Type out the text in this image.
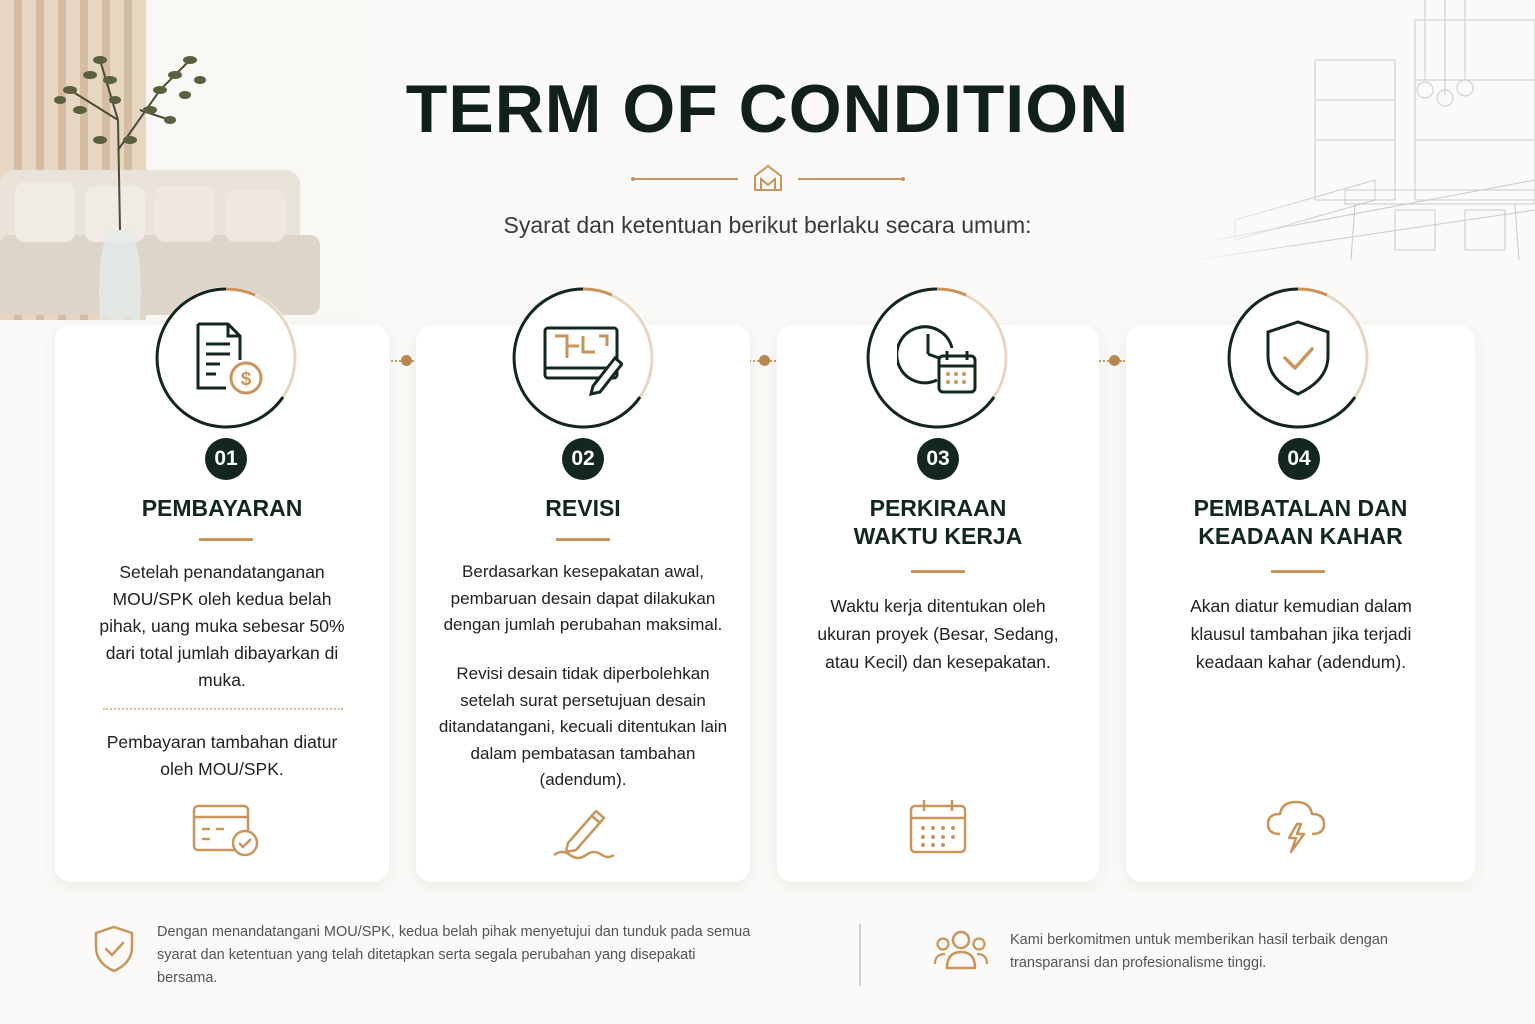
TERM OF CONDITION

Syarat dan ketentuan berikut berlaku secara umum:

$
01	02	03	04
PEMBAYARAN

Setelah penandatanganan MOU/SPK oleh kedua belah pihak, uang muka sebesar 50% dari total jumlah dibayarkan di muka.

Pembayaran tambahan diatur oleh MOU/SPK.

REVISI

Berdasarkan kesepakatan awal, pembaruan desain dapat dilakukan dengan jumlah perubahan maksimal.

Revisi desain tidak diperbolehkan setelah surat persetujuan desain ditandatangani, kecuali ditentukan lain dalam pembatasan tambahan (adendum).

PERKIRAAN
WAKTU KERJA

Waktu kerja ditentukan oleh ukuran proyek (Besar, Sedang, atau Kecil) dan kesepakatan.

PEMBATALAN DAN
KEADAAN KAHAR

Akan diatur kemudian dalam klausul tambahan jika terjadi keadaan kahar (adendum).

Dengan menandatangani MOU/SPK, kedua belah pihak menyetujui dan tunduk pada semua syarat dan ketentuan yang telah ditetapkan serta segala perubahan yang disepakati bersama.

Kami berkomitmen untuk memberikan hasil terbaik dengan transparansi dan profesionalisme tinggi.
